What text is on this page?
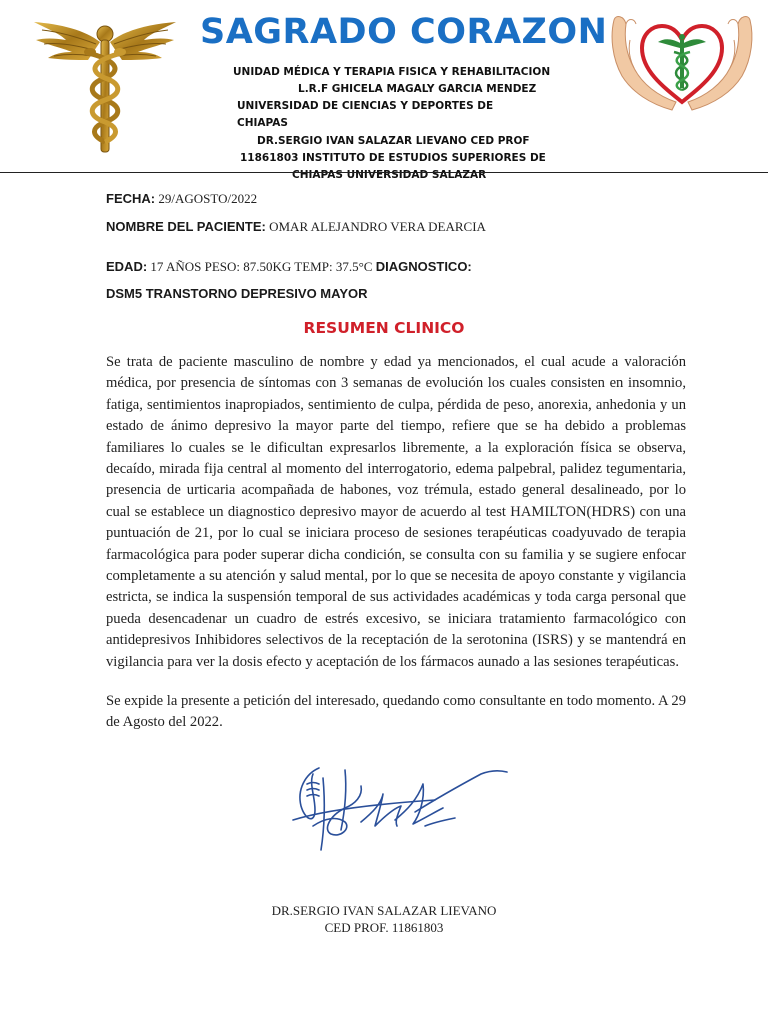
SAGRADO CORAZON
UNIDAD MÉDICA Y TERAPIA FISICA Y REHABILITACION
L.R.F GHICELA MAGALY GARCIA MENDEZ
UNIVERSIDAD DE CIENCIAS Y DEPORTES DE
CHIAPAS
DR.SERGIO IVAN SALAZAR LIEVANO CED PROF
11861803 INSTITUTO DE ESTUDIOS SUPERIORES DE
CHIAPAS UNIVERSIDAD SALAZAR
FECHA: 29/AGOSTO/2022
NOMBRE DEL PACIENTE: OMAR ALEJANDRO VERA DEARCIA
EDAD: 17 AÑOS PESO: 87.50KG TEMP: 37.5°C DIAGNOSTICO:
DSM5 TRANSTORNO DEPRESIVO MAYOR
RESUMEN CLINICO

Se trata de paciente masculino de nombre y edad ya mencionados, el cual acude a valoración médica, por presencia de síntomas con 3 semanas de evolución los cuales consisten en insomnio, fatiga, sentimientos inapropiados, sentimiento de culpa, pérdida de peso, anorexia, anhedonia y un estado de ánimo depresivo la mayor parte del tiempo, refiere que se ha debido a problemas familiares lo cuales se le dificultan expresarlos libremente, a la exploración física se observa, decaído, mirada fija central al momento del interrogatorio, edema palpebral, palidez tegumentaria, presencia de urticaria acompañada de habones, voz trémula, estado general desalineado, por lo cual se establece un diagnostico depresivo mayor de acuerdo al test HAMILTON(HDRS) con una puntuación de 21, por lo cual se iniciara proceso de sesiones terapéuticas coadyuvado de terapia farmacológica para poder superar dicha condición, se consulta con su familia y se sugiere enfocar completamente a su atención y salud mental, por lo que se necesita de apoyo constante y vigilancia estricta, se indica la suspensión temporal de sus actividades académicas y toda carga personal que pueda desencadenar un cuadro de estrés excesivo, se iniciara tratamiento farmacológico con antidepresivos Inhibidores selectivos de la receptación de la serotonina (ISRS) y se mantendrá en vigilancia para ver la dosis efecto y aceptación de los fármacos aunado a las sesiones terapéuticas.

Se expide la presente a petición del interesado, quedando como consultante en todo momento. A 29 de Agosto del 2022.

DR.SERGIO IVAN SALAZAR LIEVANO
CED PROF. 11861803
